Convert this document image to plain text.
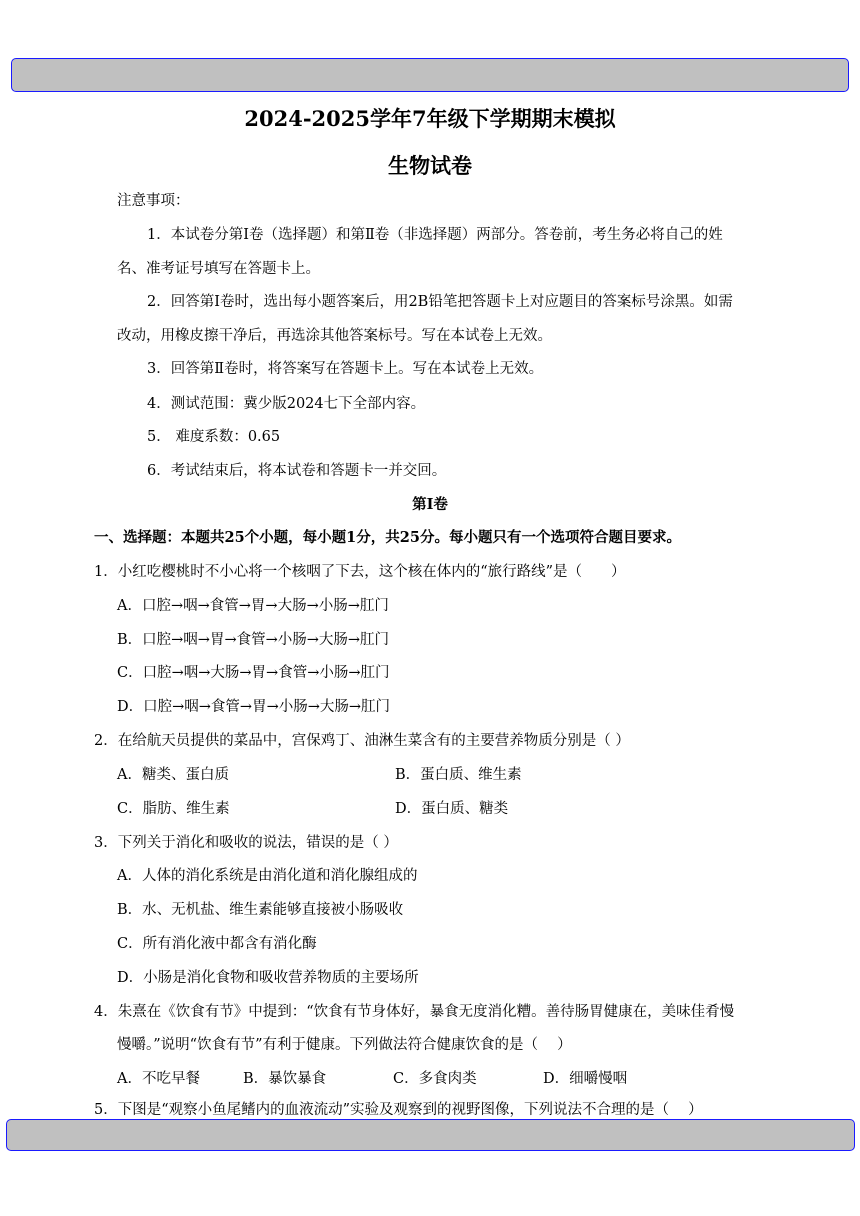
2024-2025学年7年级下学期期末模拟
生物试卷
注意事项：
1．本试卷分第Ⅰ卷（选择题）和第Ⅱ卷（非选择题）两部分。答卷前，考生务必将自己的姓
名、准考证号填写在答题卡上。
2．回答第Ⅰ卷时，选出每小题答案后，用2B铅笔把答题卡上对应题目的答案标号涂黑。如需
改动，用橡皮擦干净后，再选涂其他答案标号。写在本试卷上无效。
3．回答第Ⅱ卷时，将答案写在答题卡上。写在本试卷上无效。
4．测试范围：冀少版2024七下全部内容。
5． 难度系数：0.65
6．考试结束后，将本试卷和答题卡一并交回。
第Ⅰ卷
一、选择题：本题共25个小题，每小题1分，共25分。每小题只有一个选项符合题目要求。
1．小红吃樱桃时不小心将一个核咽了下去，这个核在体内的“旅行路线”是（　　）
A．口腔→咽→食管→胃→大肠→小肠→肛门
B．口腔→咽→胃→食管→小肠→大肠→肛门
C．口腔→咽→大肠→胃→食管→小肠→肛门
D．口腔→咽→食管→胃→小肠→大肠→肛门
2．在给航天员提供的菜品中，宫保鸡丁、油淋生菜含有的主要营养物质分别是（ ）
A．糖类、蛋白质	B．蛋白质、维生素
C．脂肪、维生素	D．蛋白质、糖类
3．下列关于消化和吸收的说法，错误的是（ ）
A．人体的消化系统是由消化道和消化腺组成的
B．水、无机盐、维生素能够直接被小肠吸收
C．所有消化液中都含有消化酶
D．小肠是消化食物和吸收营养物质的主要场所
4．朱熹在《饮食有节》中提到：“饮食有节身体好，暴食无度消化糟。善待肠胃健康在，美味佳肴慢
慢嚼。”说明“饮食有节”有利于健康。下列做法符合健康饮食的是（　 ）
A．不吃早餐	B．暴饮暴食	C．多食肉类	D．细嚼慢咽
5．下图是“观察小鱼尾鳍内的血液流动”实验及观察到的视野图像，下列说法不合理的是（　 ）
